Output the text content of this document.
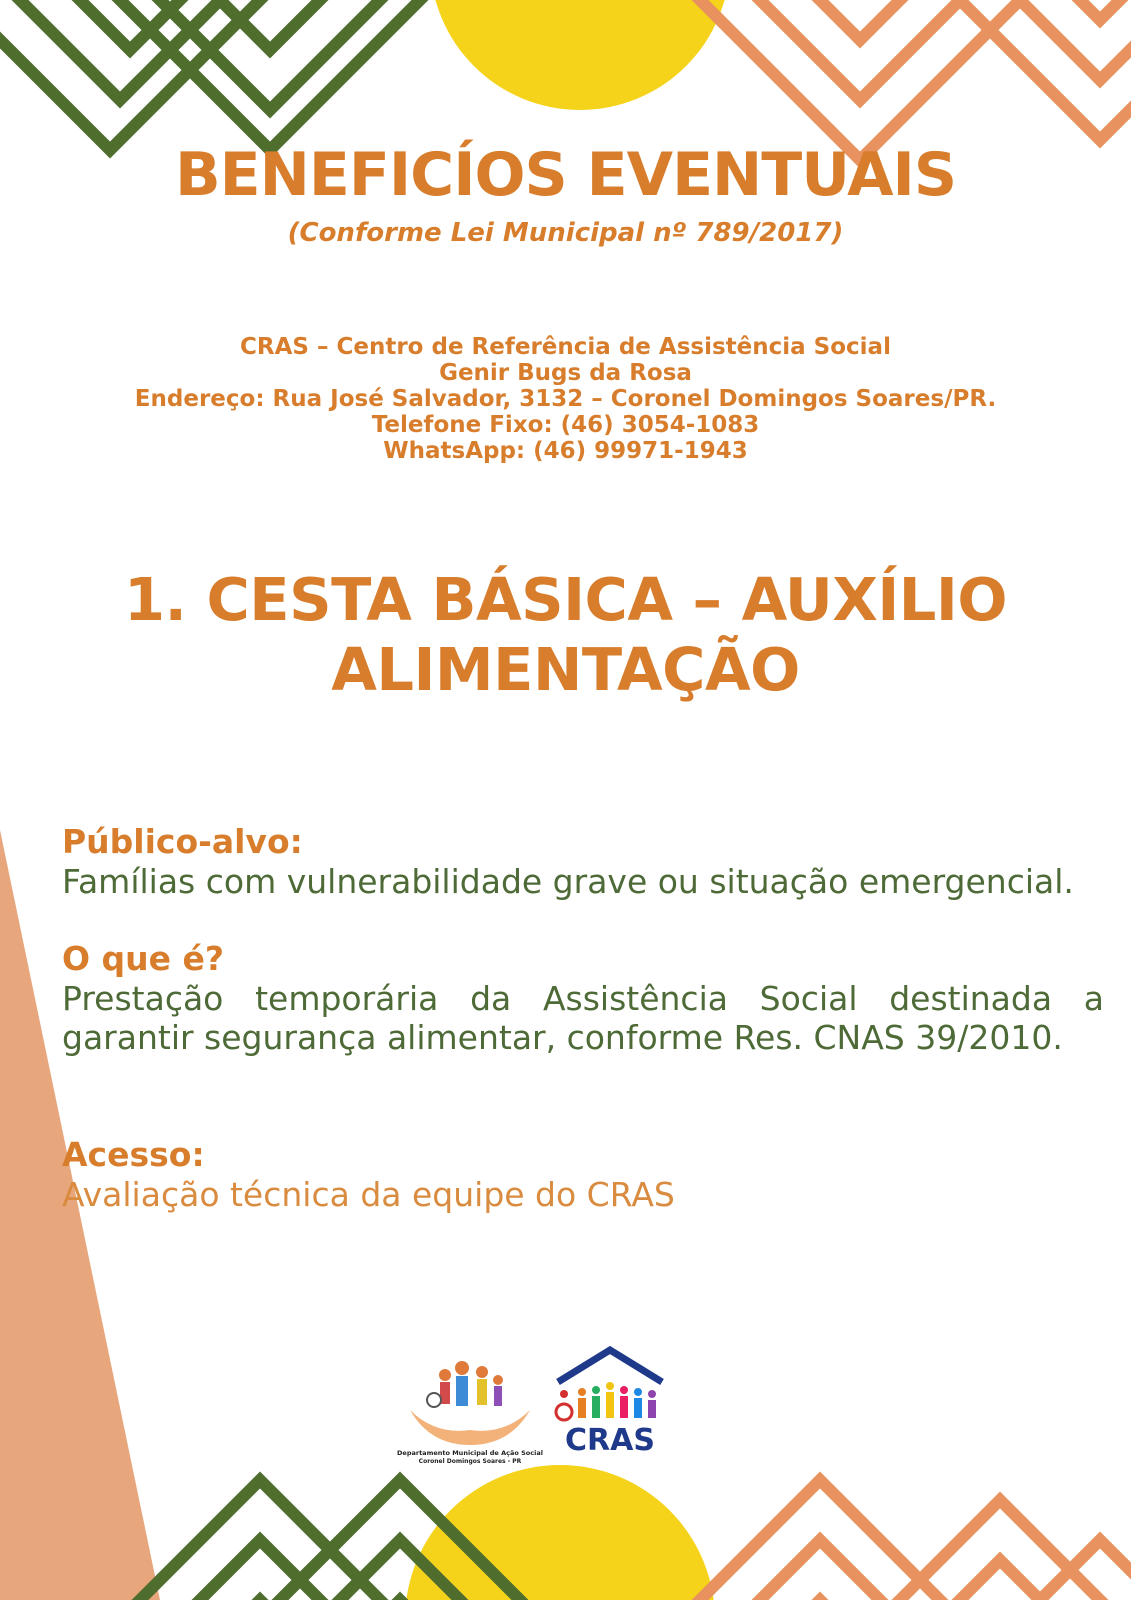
BENEFICÍOS EVENTUAIS
(Conforme Lei Municipal nº 789/2017)
CRAS – Centro de Referência de Assistência Social
Genir Bugs da Rosa
Endereço: Rua José Salvador, 3132 – Coronel Domingos Soares/PR.
Telefone Fixo: (46) 3054-1083
WhatsApp: (46) 99971-1943
1. CESTA BÁSICA – AUXÍLIO
ALIMENTAÇÃO
Público-alvo:
Famílias com vulnerabilidade grave ou situação emergencial.
O que é?
Prestação temporária da Assistência Social destinada a garantir segurança alimentar, conforme Res. CNAS 39/2010.
Acesso:
Avaliação técnica da equipe do CRAS
Departamento Municipal de Ação Social
Coronel Domingos Soares - PR
CRAS
